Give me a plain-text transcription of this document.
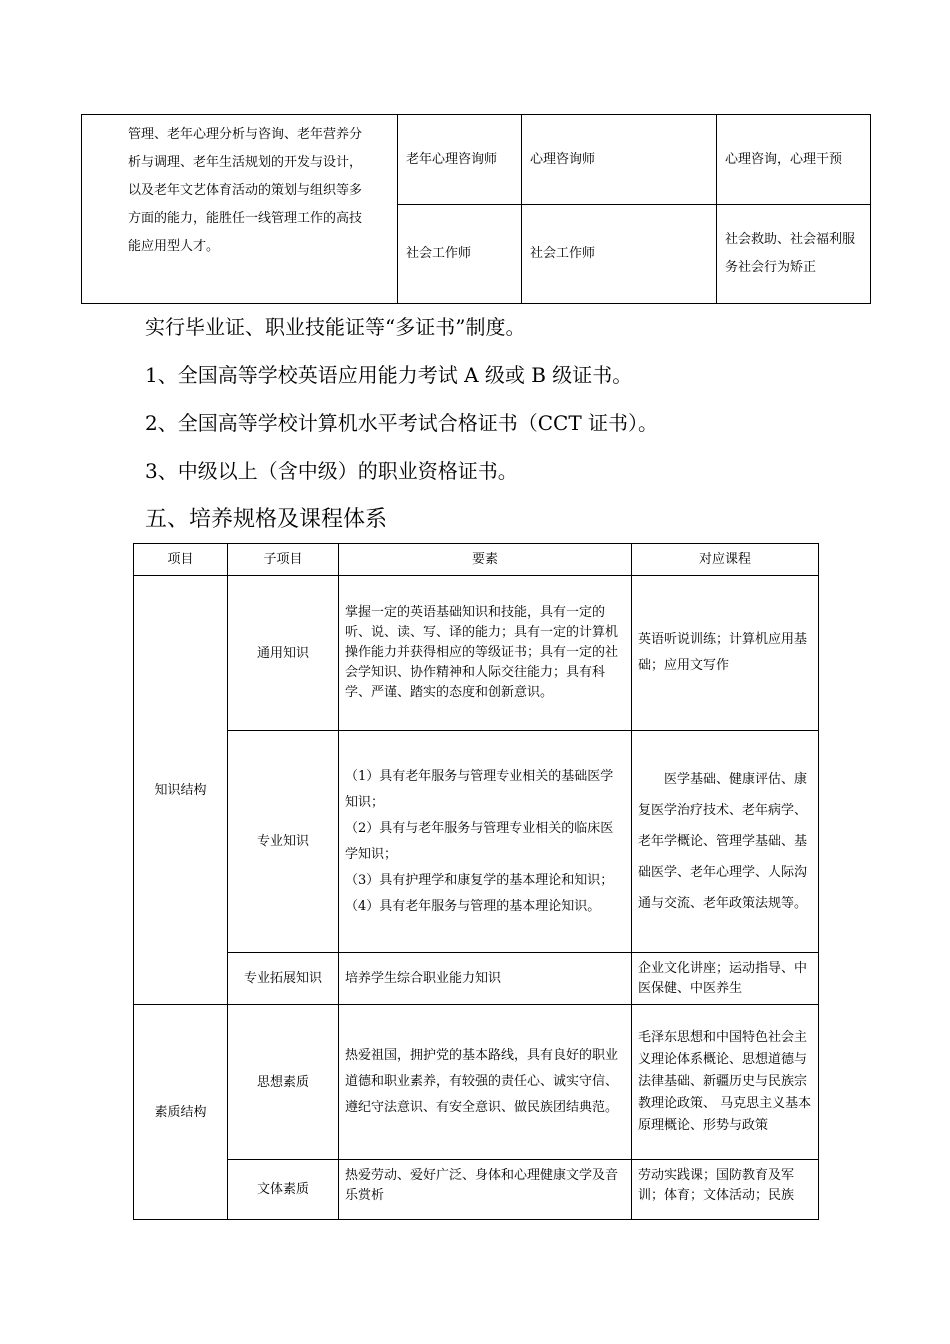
管理、老年心理分析与咨询、老年营养分
析与调理、老年生活规划的开发与设计，
以及老年文艺体育活动的策划与组织等多
方面的能力，能胜任一线管理工作的高技
能应用型人才。	老年心理咨询师	心理咨询师	心理咨询，心理干预
	社会工作师	社会工作师	社会救助、社会福利服务社会行为矫正
实行毕业证、职业技能证等“多证书”制度。
1、全国高等学校英语应用能力考试 A 级或 B 级证书。
2、全国高等学校计算机水平考试合格证书（CCT 证书）。
3、中级以上（含中级）的职业资格证书。
五、培养规格及课程体系
项目	子项目	要素	对应课程
知识结构	通用知识	掌握一定的英语基础知识和技能，具有一定的听、说、读、写、译的能力；具有一定的计算机操作能力并获得相应的等级证书；具有一定的社会学知识、协作精神和人际交往能力；具有科学、严谨、踏实的态度和创新意识。	英语听说训练；计算机应用基础；应用文写作
	专业知识	（1）具有老年服务与管理专业相关的基础医学知识；
（2）具有与老年服务与管理专业相关的临床医学知识；
（3）具有护理学和康复学的基本理论和知识；
（4）具有老年服务与管理的基本理论知识。	医学基础、健康评估、康复医学治疗技术、老年病学、老年学概论、管理学基础、基础医学、老年心理学、人际沟通与交流、老年政策法规等。
	专业拓展知识	培养学生综合职业能力知识	企业文化讲座；运动指导、中医保健、中医养生
素质结构	思想素质	热爱祖国，拥护党的基本路线，具有良好的职业道德和职业素养，有较强的责任心、诚实守信、遵纪守法意识、有安全意识、做民族团结典范。	毛泽东思想和中国特色社会主义理论体系概论、思想道德与法律基础、新疆历史与民族宗教理论政策、 马克思主义基本原理概论、形势与政策
	文体素质	热爱劳动、爱好广泛、身体和心理健康文学及音乐赏析	劳动实践课；国防教育及军训；体育；文体活动；民族
